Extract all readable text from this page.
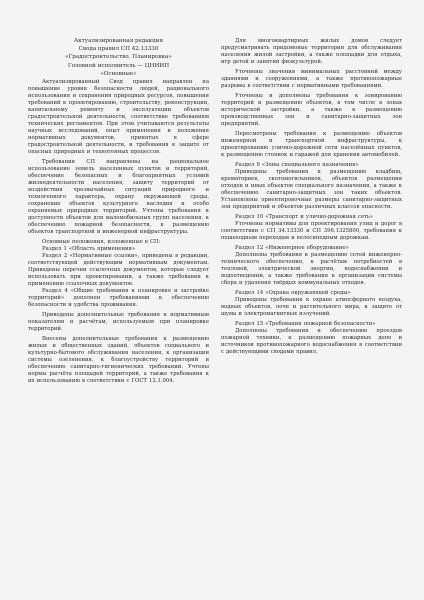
Актуализированная редакция
Свода правил СП 42.13330
«Градостроительство. Планировка»
Головной исполнитель — ЦНИИП
«Основные»

Актуализированный Свод правил направлен на повышение уровня безопасности людей, рационального использования и сохранения природных ресурсов, повышения требований к проектированию, строительству, реконструкции, капитальному ремонту и эксплуатации объектов градостроительной деятельности, соответствие требованиям технических регламентов. При этом учитываются результаты научных исследований, опыт применения и положения нормативных документов, принятых в сфере градостроительной деятельности, и требования к защите от опасных природных и техногенных процессов.

Требования СП направлены на рациональное использование земель населенных пунктов и территорий, обеспечение безопасных и благоприятных условий жизнедеятельности населения, защиту территорий от воздействия чрезвычайных ситуаций природного и техногенного характера, охрану окружающей среды, сохранение объектов культурного наследия и особо охраняемых природных территорий. Учтены требования к доступности объектов для маломобильных групп населения, к обеспечению пожарной безопасности, к размещению объектов транспортной и инженерной инфраструктуры.

Основные положения, изложенные в СП:

Раздел 1 «Область применения»

Раздел 2 «Нормативные ссылки», приведены в редакции, соответствующей действующим нормативным документам. Приведены перечни ссылочных документов, которые следует использовать при проектировании, а также требования к применению ссылочных документов.

Раздел 4 «Общие требования к планировке и застройке территорий» дополнен требованиями к обеспечению безопасности и удобства проживания.

Приведены дополнительные требования к нормативным показателям и расчётам, используемым при планировке территорий.

Внесены дополнительные требования к размещению жилых и общественных зданий, объектов социального и культурно-бытового обслуживания населения, к организации системы озеленения, к благоустройству территорий и обеспечению санитарно-гигиенических требований. Учтены нормы расчёта площадей территорий, а также требования к их использованию в соответствии с ГОСТ 12.1.004.

Для многоквартирных жилых домов следует предусматривать придомовые территории для обслуживания населения жилой застройки, а также площадки для отдыха, игр детей и занятий физкультурой.

Уточнены значения минимальных расстояний между зданиями и сооружениями, а также противопожарные разрывы в соответствии с нормативными требованиями.

Уточнены и дополнены требования к зонированию территорий и размещению объектов, в том числе в зонах исторической застройки, а также к размещению производственных зон и санитарно-защитных зон предприятий.

Пересмотрены требования к размещению объектов инженерной и транспортной инфраструктуры, к проектированию улично-дорожной сети населённых пунктов, к размещению стоянок и гаражей для хранения автомобилей.

Раздел 9 «Зоны специального назначения»

Приведены требования к размещению кладбищ, крематориев, скотомогильников, объектов размещения отходов и иных объектов специального назначения, а также к обеспечению санитарно-защитных зон таких объектов. Установлены ориентировочные размеры санитарно-защитных зон предприятий и объектов различных классов опасности.

Раздел 10 «Транспорт и улично-дорожная сеть»

Уточнены нормативы для проектирования улиц и дорог в соответствии с СП 34.13330 и СП 396.1325800, требования к пешеходным переходам и велосипедным дорожкам.

Раздел 12 «Инженерное оборудование»

Дополнены требования к размещению сетей инженерно-технического обеспечения, к расчётам потребностей в тепловой, электрической энергии, водоснабжении и водоотведении, а также требования к организации системы сбора и удаления твёрдых коммунальных отходов.

Раздел 14 «Охрана окружающей среды»

Приведены требования к охране атмосферного воздуха, водных объектов, почв и растительного мира, к защите от шума и электромагнитных излучений.

Раздел 15 «Требования пожарной безопасности»

Дополнены требования к обеспечению проездов пожарной техники, к размещению пожарных депо и источников противопожарного водоснабжения в соответствии с действующими сводами правил.
